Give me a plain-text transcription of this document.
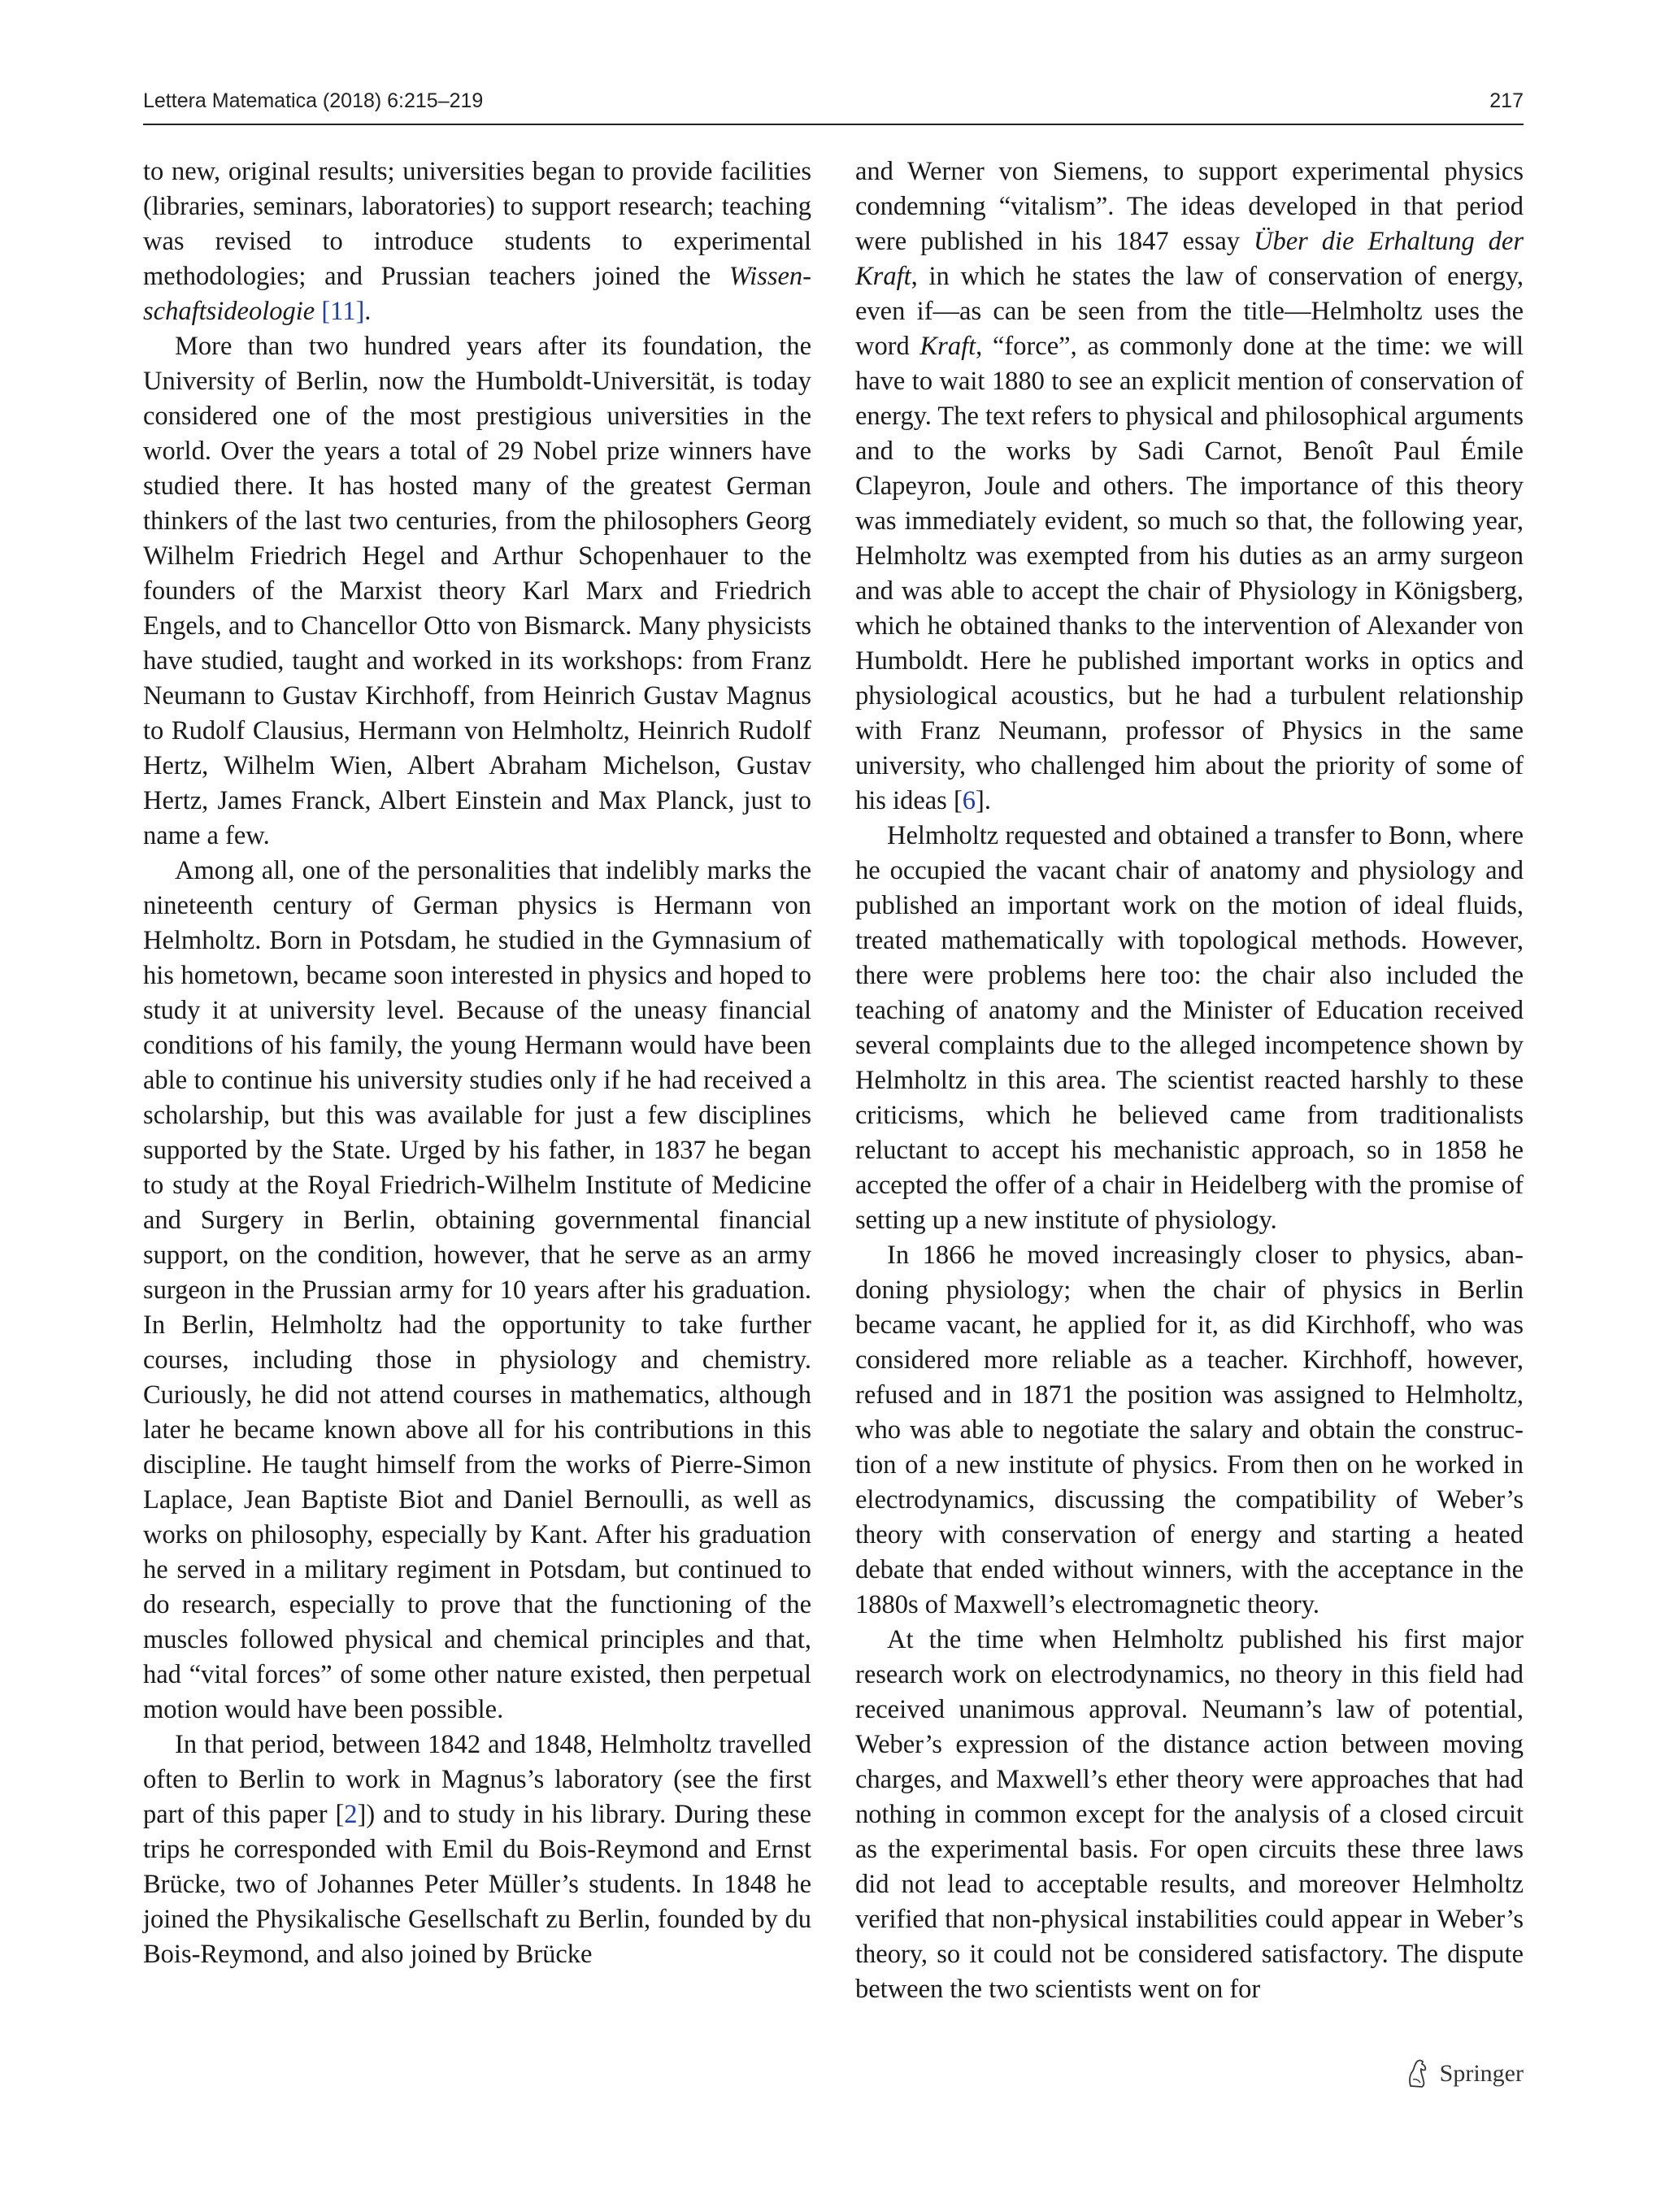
Lettera Matematica (2018) 6:215–219	217

to new, original results; universities began to provide facilities (libraries, seminars, laboratories) to support research; teaching was revised to introduce students to experimental methodologies; and Prussian teachers joined the Wissenschaftsideologie [11].

More than two hundred years after its foundation, the University of Berlin, now the Humboldt-Universität, is today considered one of the most prestigious universities in the world. Over the years a total of 29 Nobel prize winners have studied there. It has hosted many of the greatest German thinkers of the last two centuries, from the philosophers Georg Wilhelm Friedrich Hegel and Arthur Schopenhauer to the founders of the Marxist theory Karl Marx and Friedrich Engels, and to Chancellor Otto von Bismarck. Many physicists have studied, taught and worked in its workshops: from Franz Neumann to Gustav Kirchhoff, from Heinrich Gustav Magnus to Rudolf Clausius, Hermann von Helmholtz, Heinrich Rudolf Hertz, Wilhelm Wien, Albert Abraham Michelson, Gustav Hertz, James Franck, Albert Einstein and Max Planck, just to name a few.

Among all, one of the personalities that indelibly marks the nineteenth century of German physics is Hermann von Helmholtz. Born in Potsdam, he studied in the Gymnasium of his hometown, became soon interested in physics and hoped to study it at university level. Because of the uneasy financial conditions of his family, the young Hermann would have been able to continue his university studies only if he had received a scholarship, but this was available for just a few disciplines supported by the State. Urged by his father, in 1837 he began to study at the Royal Friedrich-Wilhelm Institute of Medicine and Surgery in Berlin, obtaining governmental financial support, on the condition, however, that he serve as an army surgeon in the Prussian army for 10 years after his graduation. In Berlin, Helmholtz had the opportunity to take further courses, including those in physiology and chemistry. Curiously, he did not attend courses in mathematics, although later he became known above all for his contributions in this discipline. He taught himself from the works of Pierre-Simon Laplace, Jean Baptiste Biot and Daniel Bernoulli, as well as works on philosophy, especially by Kant. After his graduation he served in a military regiment in Potsdam, but continued to do research, especially to prove that the functioning of the muscles followed physical and chemical principles and that, had “vital forces” of some other nature existed, then perpetual motion would have been possible.

In that period, between 1842 and 1848, Helmholtz travelled often to Berlin to work in Magnus’s laboratory (see the first part of this paper [2]) and to study in his library. During these trips he corresponded with Emil du Bois-Reymond and Ernst Brücke, two of Johannes Peter Müller’s students. In 1848 he joined the Physikalische Gesellschaft zu Berlin, founded by du Bois-Reymond, and also joined by Brücke

and Werner von Siemens, to support experimental physics condemning “vitalism”. The ideas developed in that period were published in his 1847 essay Über die Erhaltung der Kraft, in which he states the law of conservation of energy, even if—as can be seen from the title—Helmholtz uses the word Kraft, “force”, as commonly done at the time: we will have to wait 1880 to see an explicit mention of conservation of energy. The text refers to physical and philosophical arguments and to the works by Sadi Carnot, Benoît Paul Émile Clapeyron, Joule and others. The importance of this theory was immediately evident, so much so that, the following year, Helmholtz was exempted from his duties as an army surgeon and was able to accept the chair of Physiology in Königsberg, which he obtained thanks to the intervention of Alexander von Humboldt. Here he published important works in optics and physiological acoustics, but he had a turbulent relationship with Franz Neumann, professor of Physics in the same university, who challenged him about the priority of some of his ideas [6].

Helmholtz requested and obtained a transfer to Bonn, where he occupied the vacant chair of anatomy and physiology and published an important work on the motion of ideal fluids, treated mathematically with topological methods. However, there were problems here too: the chair also included the teaching of anatomy and the Minister of Education received several complaints due to the alleged incompetence shown by Helmholtz in this area. The scientist reacted harshly to these criticisms, which he believed came from traditionalists reluctant to accept his mechanistic approach, so in 1858 he accepted the offer of a chair in Heidelberg with the promise of setting up a new institute of physiology.

In 1866 he moved increasingly closer to physics, abandoning physiology; when the chair of physics in Berlin became vacant, he applied for it, as did Kirchhoff, who was considered more reliable as a teacher. Kirchhoff, however, refused and in 1871 the position was assigned to Helmholtz, who was able to negotiate the salary and obtain the construction of a new institute of physics. From then on he worked in electrodynamics, discussing the compatibility of Weber’s theory with conservation of energy and starting a heated debate that ended without winners, with the acceptance in the 1880s of Maxwell’s electromagnetic theory.

At the time when Helmholtz published his first major research work on electrodynamics, no theory in this field had received unanimous approval. Neumann’s law of potential, Weber’s expression of the distance action between moving charges, and Maxwell’s ether theory were approaches that had nothing in common except for the analysis of a closed circuit as the experimental basis. For open circuits these three laws did not lead to acceptable results, and moreover Helmholtz verified that non-physical instabilities could appear in Weber’s theory, so it could not be considered satisfactory. The dispute between the two scientists went on for

Springer
